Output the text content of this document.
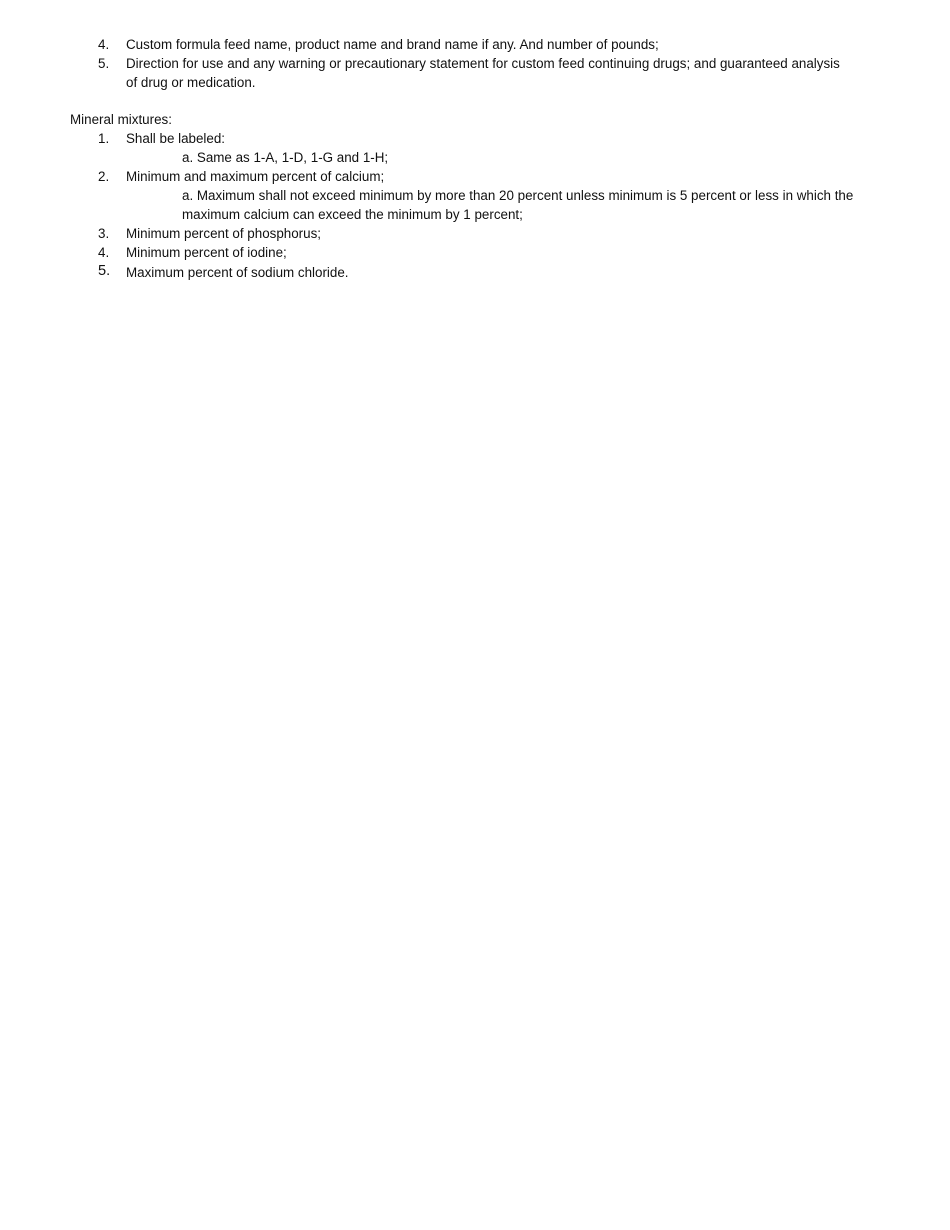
4.	Custom formula feed name, product name and brand name if any. And number of pounds;
5.	Direction for use and any warning or precautionary statement for custom feed continuing drugs; and guaranteed analysis of drug or medication.
Mineral mixtures:
1.	Shall be labeled:
a. Same as 1-A, 1-D, 1-G and 1-H;
2.	Minimum and maximum percent of calcium;
a. Maximum shall not exceed minimum by more than 20 percent unless minimum is 5 percent or less in which the maximum calcium can exceed the minimum by 1 percent;
3.	Minimum percent of phosphorus;
4.	Minimum percent of iodine;
5.	Maximum percent of sodium chloride.
